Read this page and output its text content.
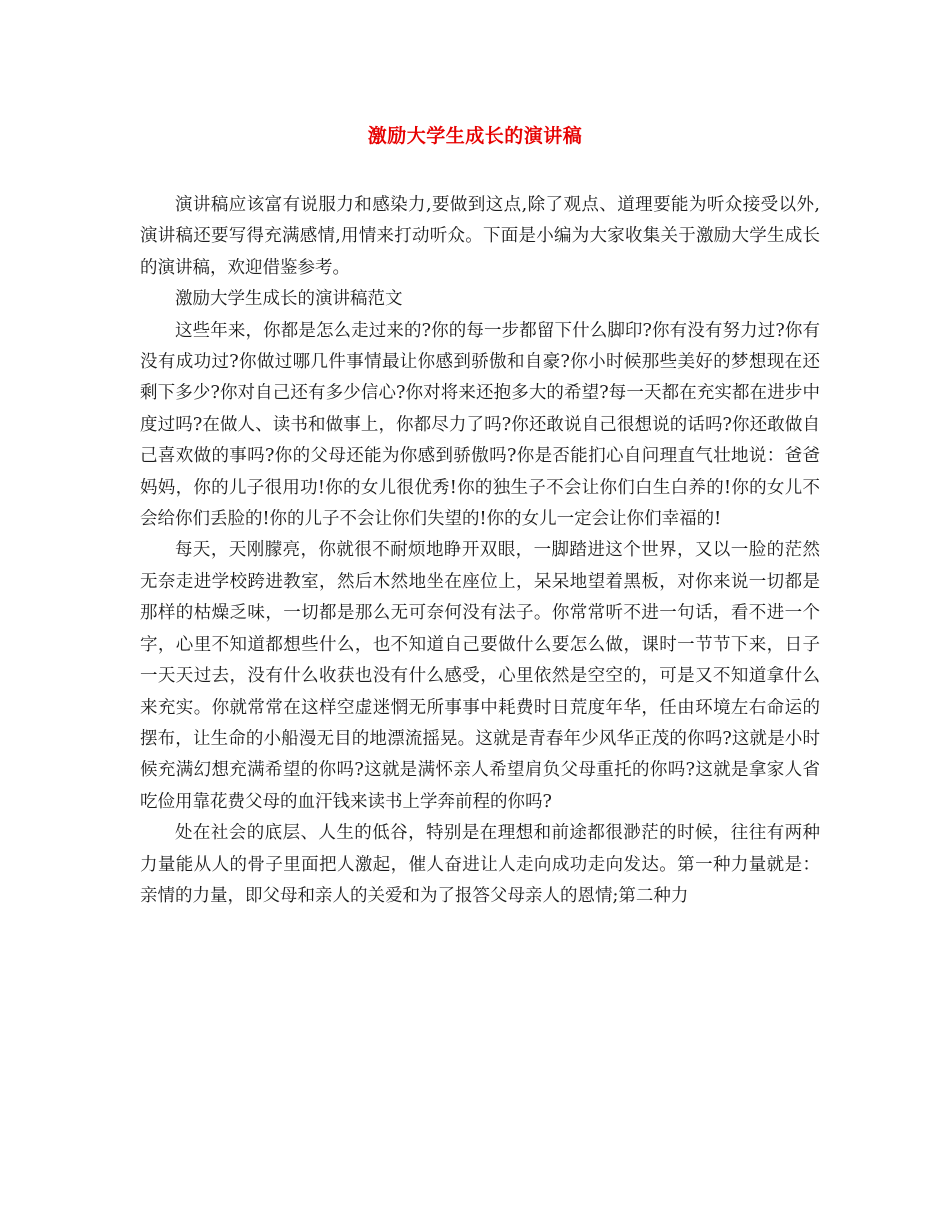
激励大学生成长的演讲稿

演讲稿应该富有说服力和感染力,要做到这点,除了观点、道理要能为听众接受以外,演讲稿还要写得充满感情,用情来打动听众。下面是小编为大家收集关于激励大学生成长的演讲稿，欢迎借鉴参考。

激励大学生成长的演讲稿范文

这些年来，你都是怎么走过来的?你的每一步都留下什么脚印?你有没有努力过?你有没有成功过?你做过哪几件事情最让你感到骄傲和自豪?你小时候那些美好的梦想现在还剩下多少?你对自己还有多少信心?你对将来还抱多大的希望?每一天都在充实都在进步中度过吗?在做人、读书和做事上，你都尽力了吗?你还敢说自己很想说的话吗?你还敢做自己喜欢做的事吗?你的父母还能为你感到骄傲吗?你是否能扪心自问理直气壮地说：爸爸妈妈，你的儿子很用功!你的女儿很优秀!你的独生子不会让你们白生白养的!你的女儿不会给你们丢脸的!你的儿子不会让你们失望的!你的女儿一定会让你们幸福的!

每天，天刚朦亮，你就很不耐烦地睁开双眼，一脚踏进这个世界，又以一脸的茫然无奈走进学校跨进教室，然后木然地坐在座位上，呆呆地望着黑板，对你来说一切都是那样的枯燥乏味，一切都是那么无可奈何没有法子。你常常听不进一句话，看不进一个字，心里不知道都想些什么，也不知道自己要做什么要怎么做，课时一节节下来，日子一天天过去，没有什么收获也没有什么感受，心里依然是空空的，可是又不知道拿什么来充实。你就常常在这样空虚迷惘无所事事中耗费时日荒度年华，任由环境左右命运的摆布，让生命的小船漫无目的地漂流摇晃。这就是青春年少风华正茂的你吗?这就是小时候充满幻想充满希望的你吗?这就是满怀亲人希望肩负父母重托的你吗?这就是拿家人省吃俭用靠花费父母的血汗钱来读书上学奔前程的你吗?

处在社会的底层、人生的低谷，特别是在理想和前途都很渺茫的时候，往往有两种力量能从人的骨子里面把人激起，催人奋进让人走向成功走向发达。第一种力量就是：亲情的力量，即父母和亲人的关爱和为了报答父母亲人的恩情;第二种力
